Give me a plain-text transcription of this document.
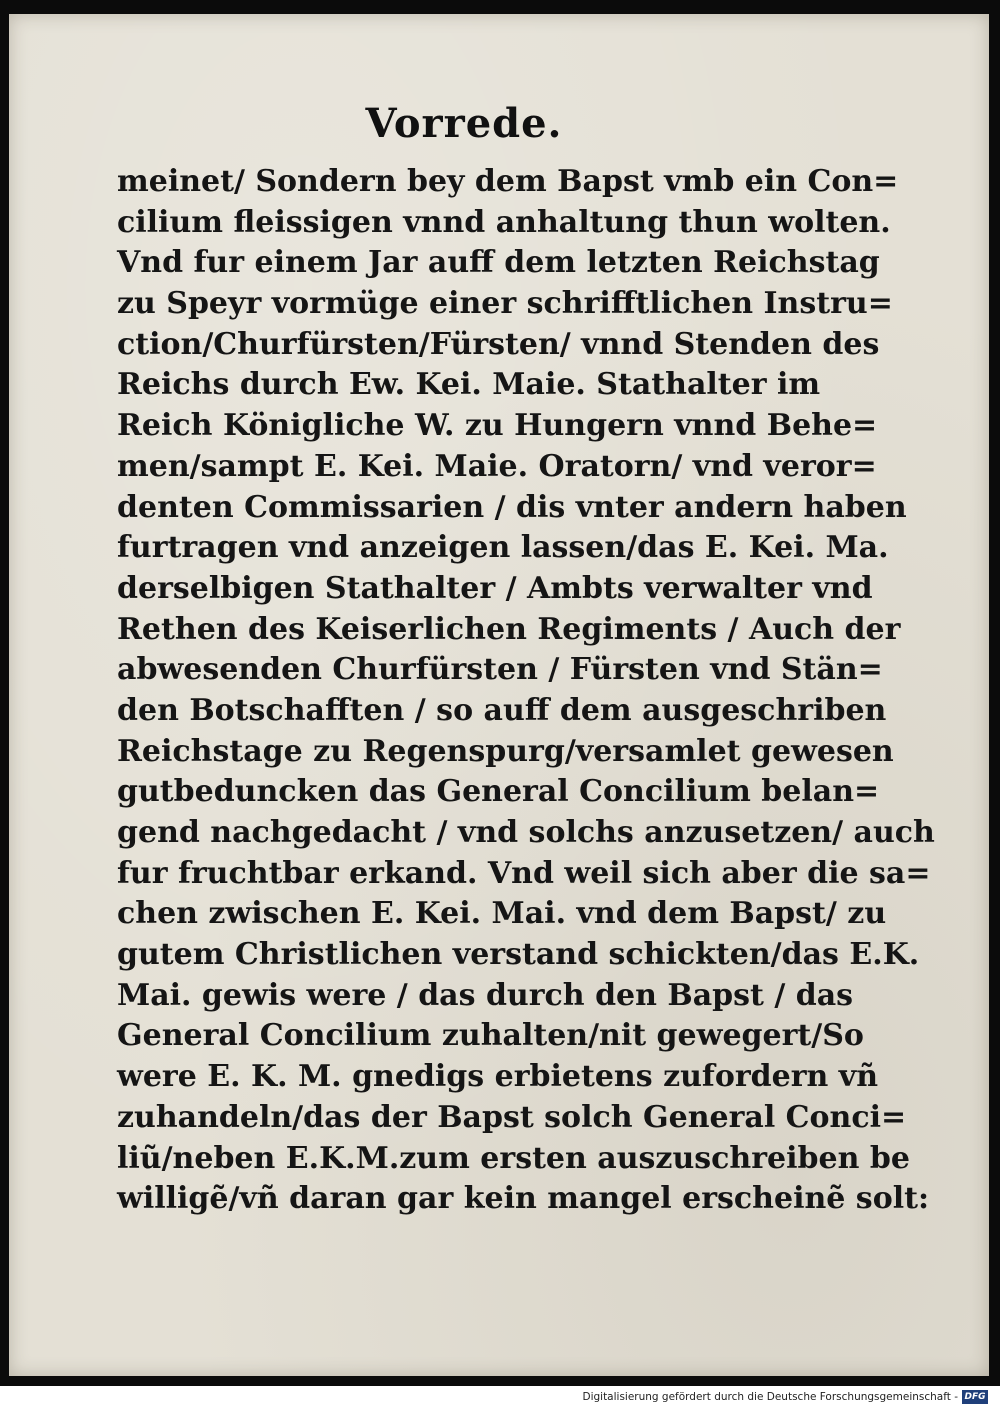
Vorrede.
meinet/ Sondern bey dem Bapst vmb ein Con=
cilium fleissigen vnnd anhaltung thun wolten.
Vnd fur einem Jar auff dem letzten Reichstag
zu Speyr vormüge einer schrifftlichen Instru=
ction/Churfürsten/Fürsten/ vnnd Stenden des
Reichs durch Ew. Kei. Maie. Stathalter im
Reich Königliche W. zu Hungern vnnd Behe=
men/sampt E. Kei. Maie. Oratorn/ vnd veror=
denten Commissarien / dis vnter andern haben
furtragen vnd anzeigen lassen/das E. Kei. Ma.
derselbigen Stathalter / Ambts verwalter vnd
Rethen des Keiserlichen Regiments / Auch der
abwesenden Churfürsten / Fürsten vnd Stän=
den Botschafften / so auff dem ausgeschriben
Reichstage zu Regenspurg/versamlet gewesen
gutbeduncken das General Concilium belan=
gend nachgedacht / vnd solchs anzusetzen/ auch
fur fruchtbar erkand. Vnd weil sich aber die sa=
chen zwischen E. Kei. Mai. vnd dem Bapst/ zu
gutem Christlichen verstand schickten/das E.K.
Mai. gewis were / das durch den Bapst / das
General Concilium zuhalten/nit gewegert/So
were E. K. M. gnedigs erbietens zufordern vñ
zuhandeln/das der Bapst solch General Conci=
liũ/neben E.K.M.zum ersten auszuschreiben be
willigẽ/vñ daran gar kein mangel erscheinẽ solt:
Digitalisierung gefördert durch die Deutsche Forschungsgemeinschaft - DFG
